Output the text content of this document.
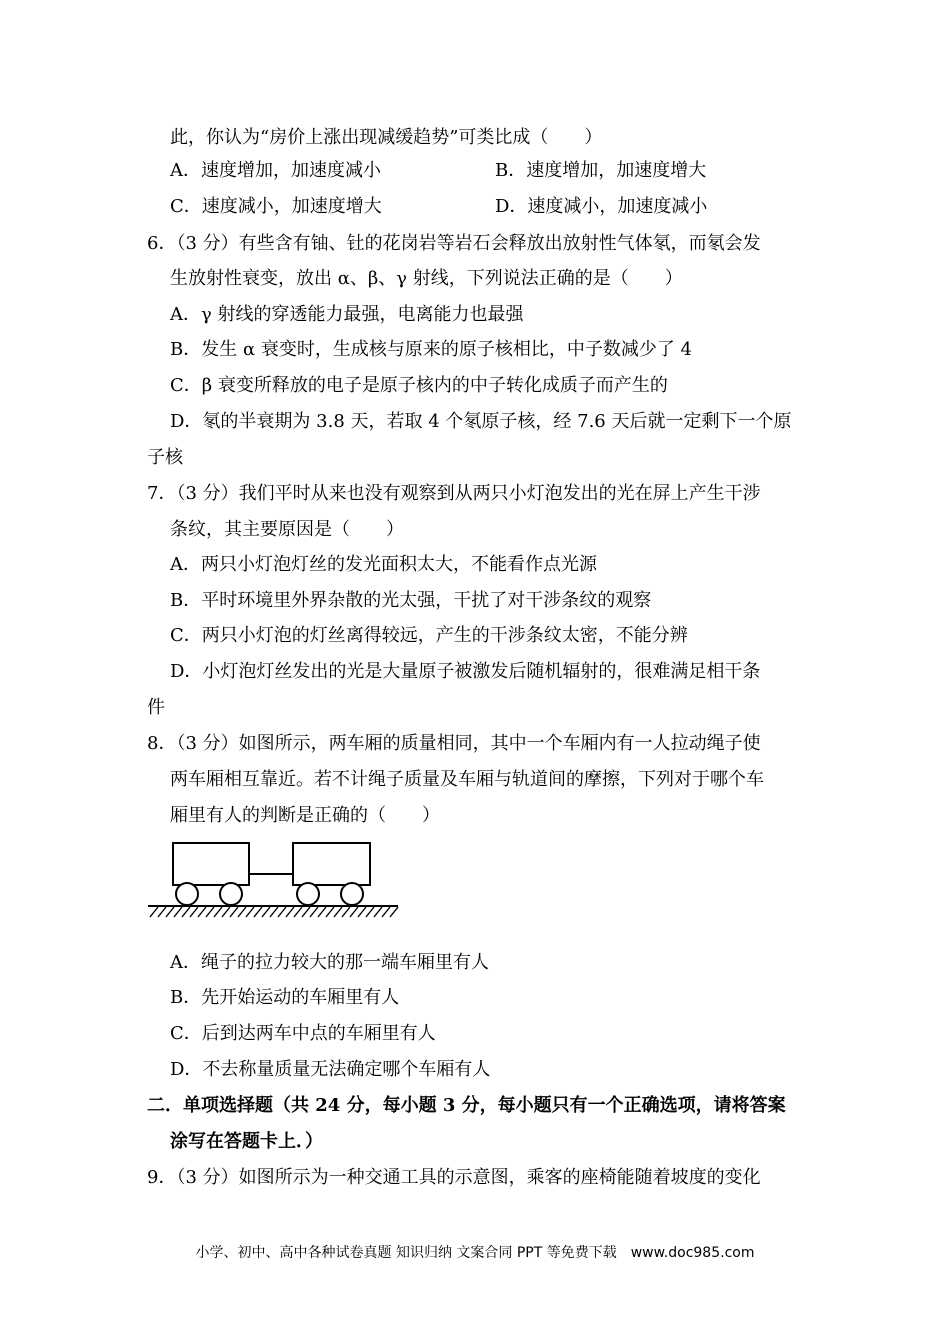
此，你认为“房价上涨出现减缓趋势”可类比成（　　）
A．速度增加，加速度减小	B．速度增加，加速度增大
C．速度减小，加速度增大	D．速度减小，加速度减小
6．（3 分）有些含有铀、钍的花岗岩等岩石会释放出放射性气体氡，而氡会发
生放射性衰变，放出 α、β、γ 射线，下列说法正确的是（　　）
A．γ 射线的穿透能力最强，电离能力也最强
B．发生 α 衰变时，生成核与原来的原子核相比，中子数减少了 4
C．β 衰变所释放的电子是原子核内的中子转化成质子而产生的
D．氡的半衰期为 3.8 天，若取 4 个氡原子核，经 7.6 天后就一定剩下一个原
子核
7．（3 分）我们平时从来也没有观察到从两只小灯泡发出的光在屏上产生干涉
条纹，其主要原因是（　　）
A．两只小灯泡灯丝的发光面积太大，不能看作点光源
B．平时环境里外界杂散的光太强，干扰了对干涉条纹的观察
C．两只小灯泡的灯丝离得较远，产生的干涉条纹太密，不能分辨
D．小灯泡灯丝发出的光是大量原子被激发后随机辐射的，很难满足相干条
件
8．（3 分）如图所示，两车厢的质量相同，其中一个车厢内有一人拉动绳子使
两车厢相互靠近。若不计绳子质量及车厢与轨道间的摩擦，下列对于哪个车
厢里有人的判断是正确的（　　）
A．绳子的拉力较大的那一端车厢里有人
B．先开始运动的车厢里有人
C．后到达两车中点的车厢里有人
D．不去称量质量无法确定哪个车厢有人
二．单项选择题（共 24 分，每小题 3 分，每小题只有一个正确选项，请将答案
涂写在答题卡上．）
9．（3 分）如图所示为一种交通工具的示意图，乘客的座椅能随着坡度的变化
小学、初中、高中各种试卷真题 知识归纳 文案合同 PPT 等免费下载　www.doc985.com
